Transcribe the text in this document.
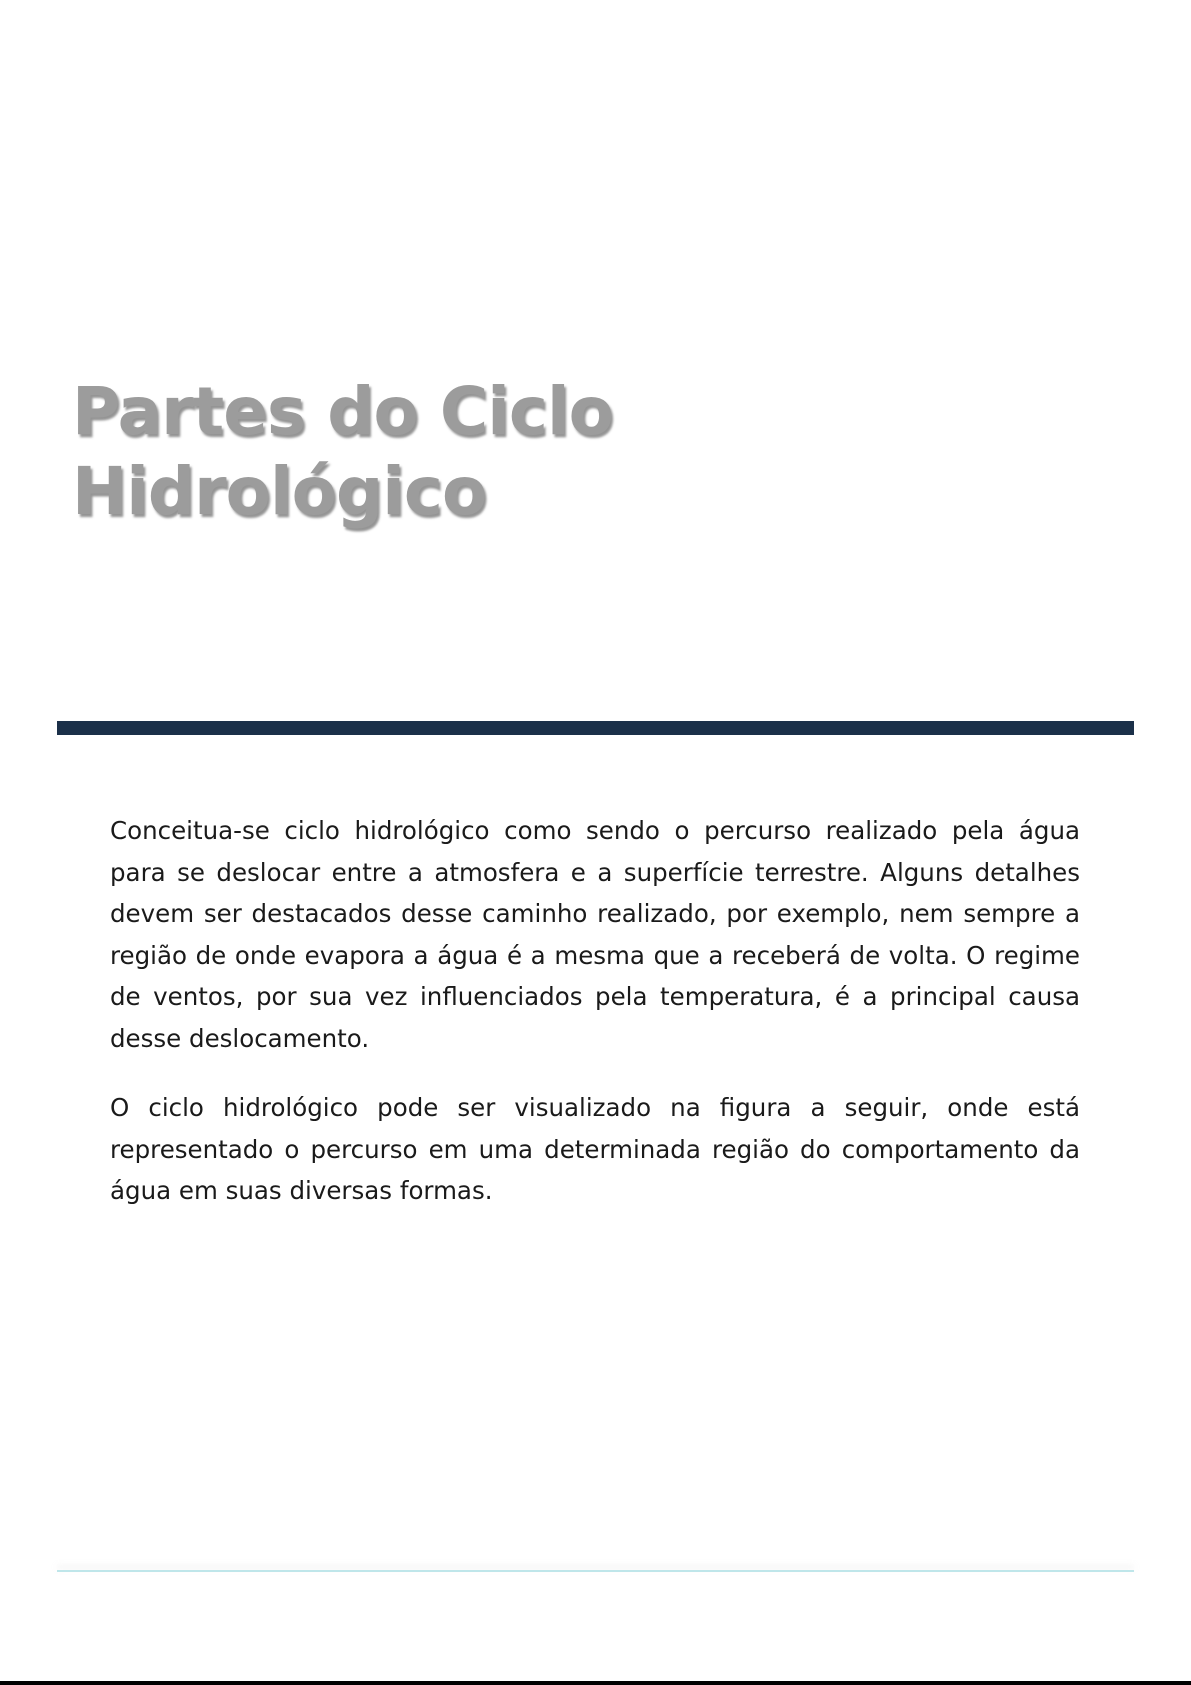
Partes do Ciclo
Hidrológico

Conceitua-se ciclo hidrológico como sendo o percurso realizado pela água para se deslocar entre a atmosfera e a superfície terrestre. Alguns detalhes devem ser destacados desse caminho realizado, por exemplo, nem sempre a região de onde evapora a água é a mesma que a receberá de volta. O regime de ventos, por sua vez influenciados pela temperatura, é a principal causa desse deslocamento.

O ciclo hidrológico pode ser visualizado na figura a seguir, onde está representado o percurso em uma determinada região do comportamento da água em suas diversas formas.
